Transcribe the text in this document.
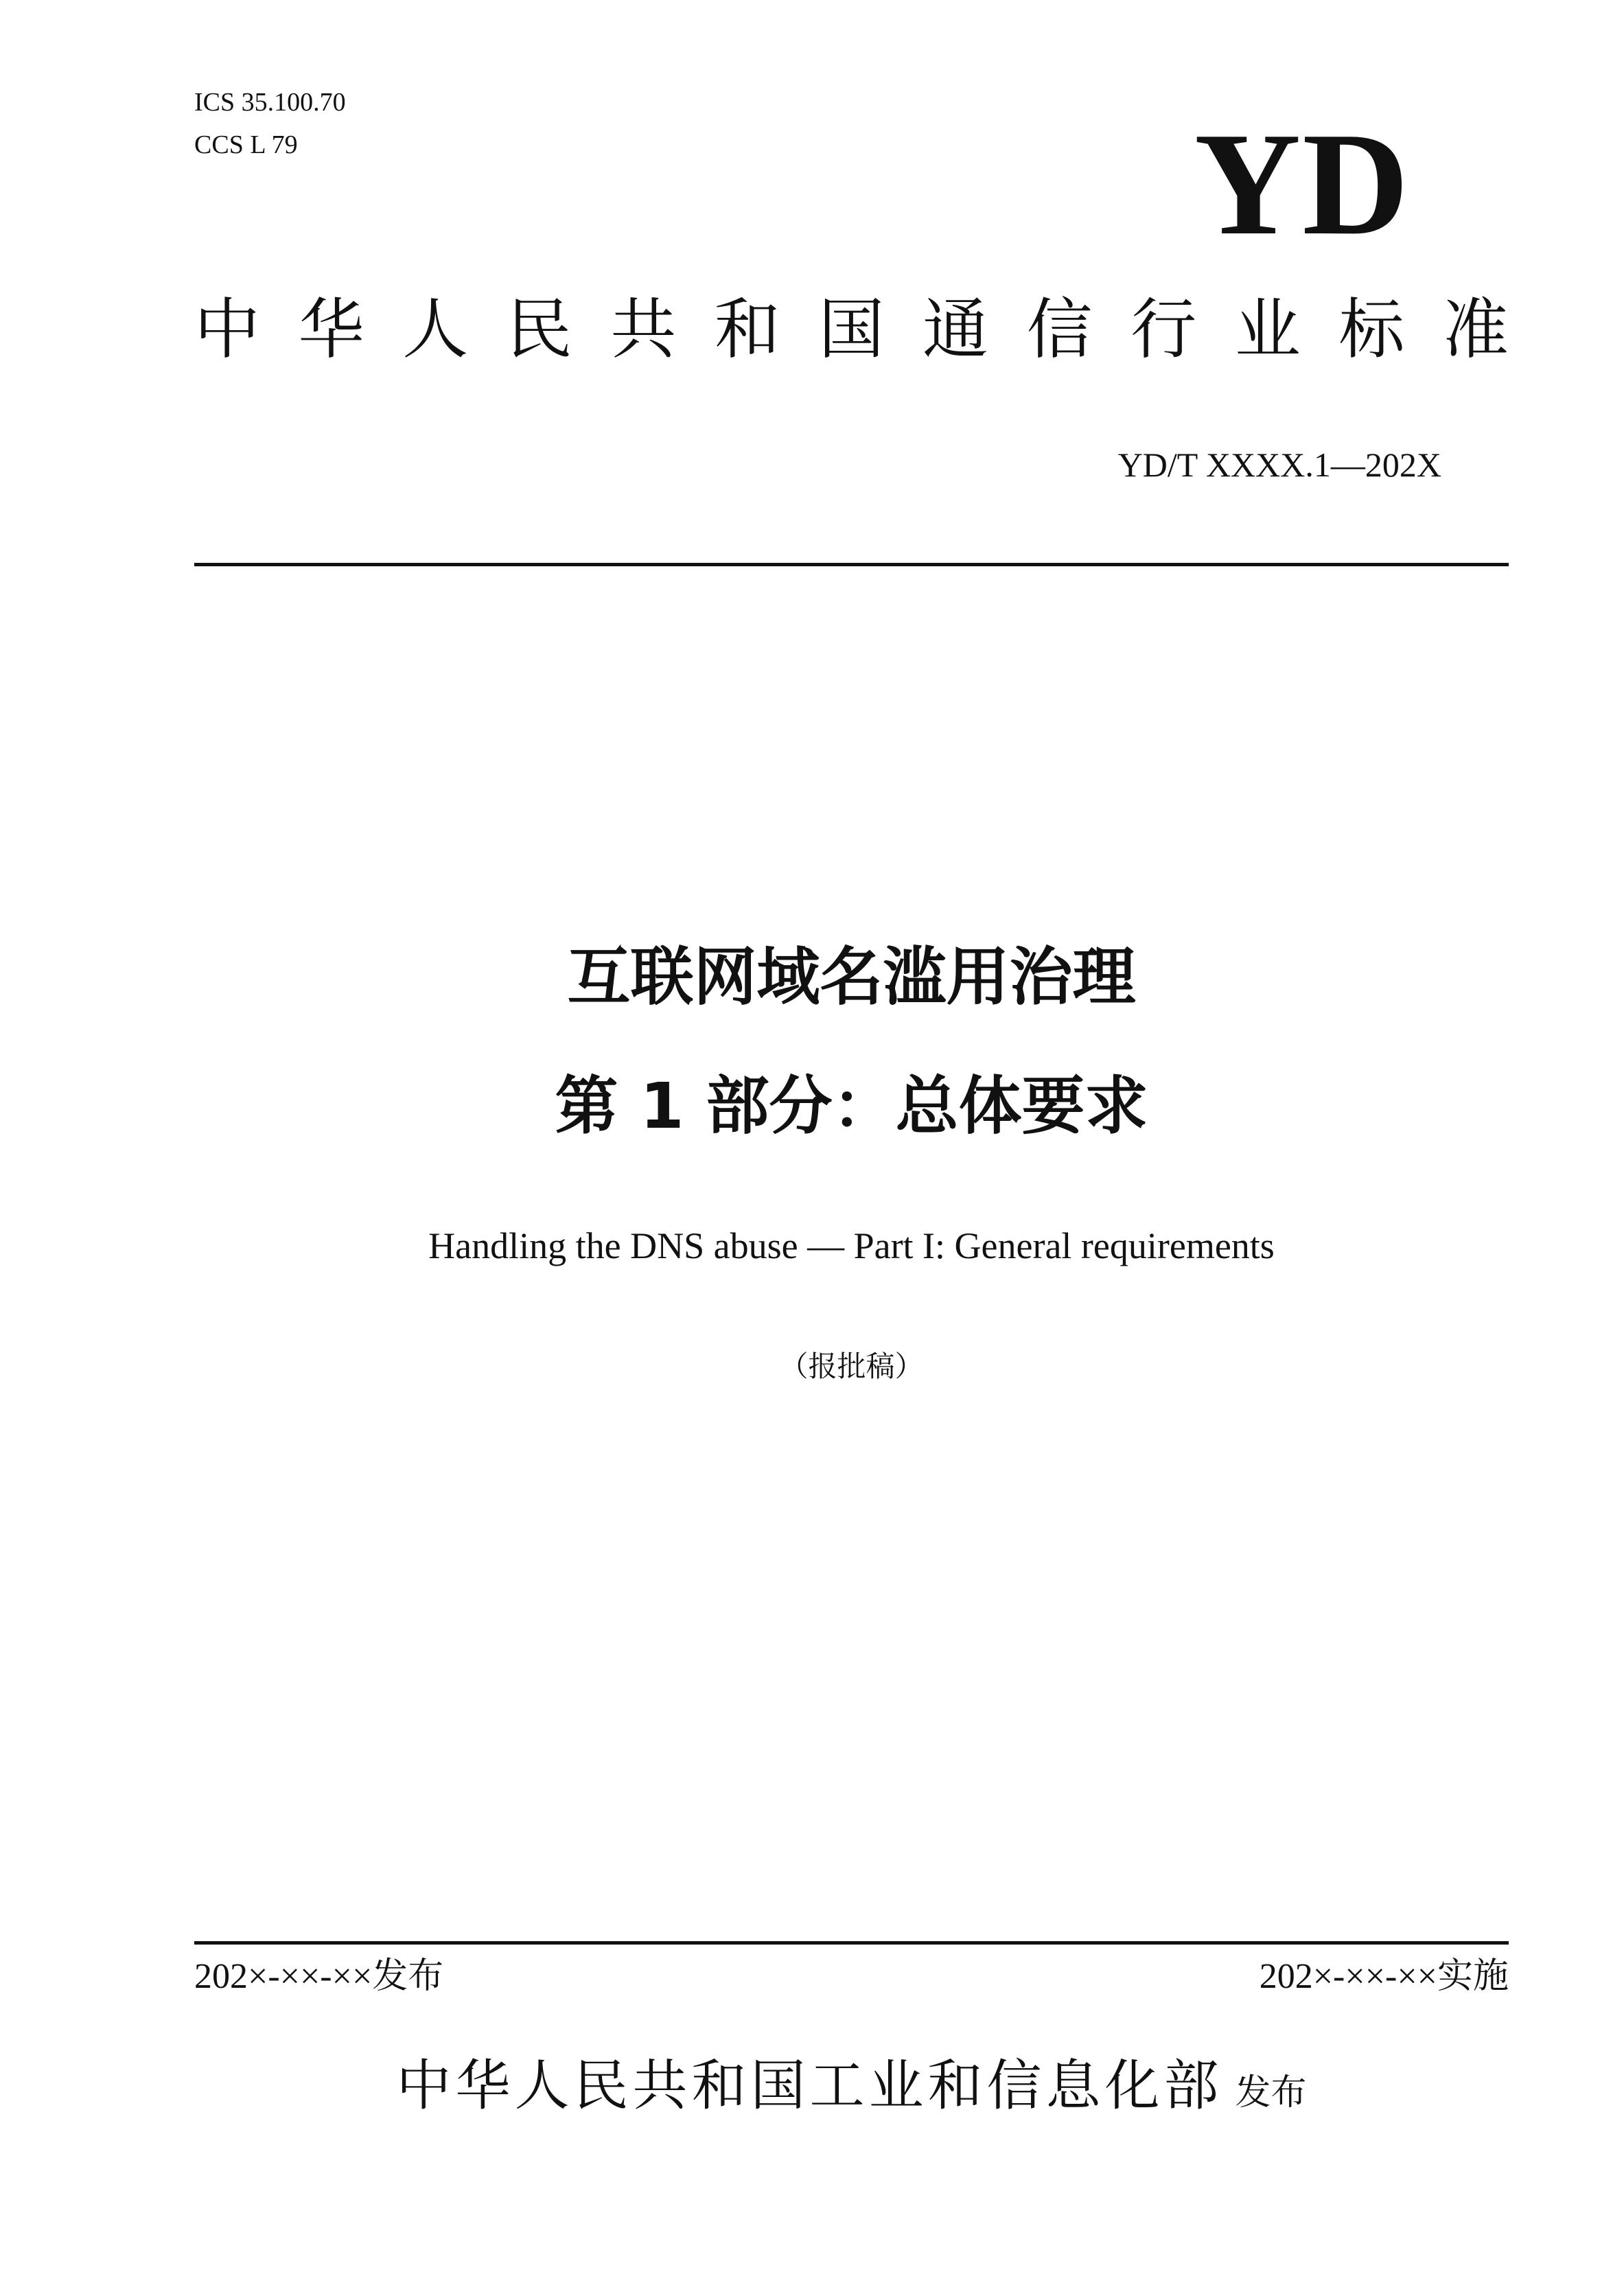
ICS 35.100.70
CCS L 79	YD
中 华 人 民 共 和 国 通 信 行 业 标 准
YD/T XXXX.1—202X
互联网域名滥用治理
第 1 部分：总体要求
Handling the DNS abuse — Part I: General requirements
（报批稿）
202×-××-××发布	202×-××-××实施
中华人民共和国工业和信息化部 发布
